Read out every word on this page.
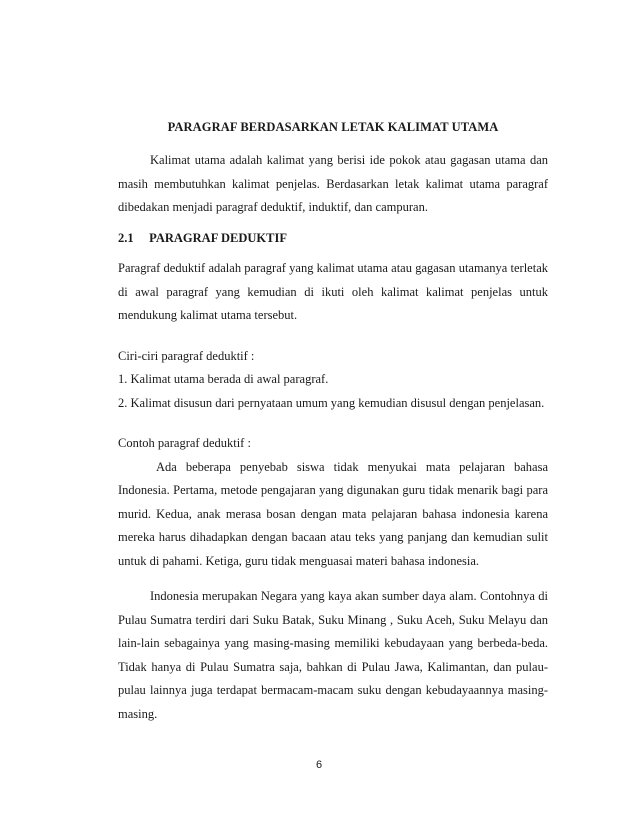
PARAGRAF BERDASARKAN LETAK KALIMAT UTAMA

Kalimat utama adalah kalimat yang berisi ide pokok atau gagasan utama dan masih membutuhkan kalimat penjelas. Berdasarkan letak kalimat utama paragraf dibedakan menjadi paragraf deduktif, induktif, dan campuran.

2.1 PARAGRAF DEDUKTIF

Paragraf deduktif adalah paragraf yang kalimat utama atau gagasan utamanya terletak di awal paragraf yang kemudian di ikuti oleh kalimat kalimat penjelas untuk mendukung kalimat utama tersebut.

Ciri-ciri paragraf deduktif :

1. Kalimat utama berada di awal paragraf.

2. Kalimat disusun dari pernyataan umum yang kemudian disusul dengan penjelasan.

Contoh paragraf deduktif :

Ada beberapa penyebab siswa tidak menyukai mata pelajaran bahasa Indonesia. Pertama, metode pengajaran yang digunakan guru tidak menarik bagi para murid. Kedua, anak merasa bosan dengan mata pelajaran bahasa indonesia karena mereka harus dihadapkan dengan bacaan atau teks yang panjang dan kemudian sulit untuk di pahami. Ketiga, guru tidak menguasai materi bahasa indonesia.

Indonesia merupakan Negara yang kaya akan sumber daya alam. Contohnya di Pulau Sumatra terdiri dari Suku Batak, Suku Minang , Suku Aceh, Suku Melayu dan lain-lain sebagainya yang masing-masing memiliki kebudayaan yang berbeda-beda. Tidak hanya di Pulau Sumatra saja, bahkan di Pulau Jawa, Kalimantan, dan pulau-pulau lainnya juga terdapat bermacam-macam suku dengan kebudayaannya masing-masing.

6
